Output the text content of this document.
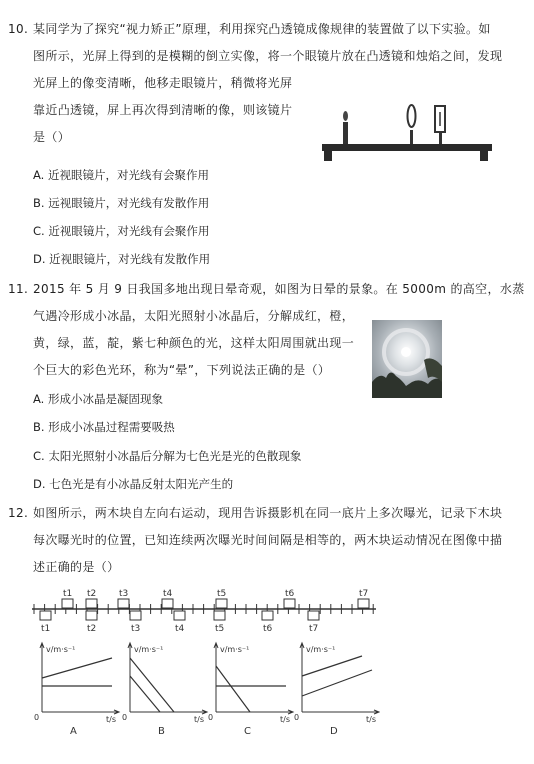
10. 某同学为了探究“视力矫正”原理，利用探究凸透镜成像规律的装置做了以下实验。如
图所示，光屏上得到的是模糊的倒立实像，将一个眼镜片放在凸透镜和烛焰之间，发现
光屏上的像变清晰，他移走眼镜片，稍微将光屏
靠近凸透镜，屏上再次得到清晰的像，则该镜片
是（）
A. 近视眼镜片，对光线有会聚作用
B. 远视眼镜片，对光线有发散作用
C. 近视眼镜片，对光线有会聚作用
D. 近视眼镜片，对光线有发散作用
11. 2015 年 5 月 9 日我国多地出现日晕奇观，如图为日晕的景象。在 5000m 的高空，水蒸
气遇冷形成小冰晶，太阳光照射小冰晶后，分解成红，橙，
黄，绿，蓝，靛，紫七种颜色的光，这样太阳周围就出现一
个巨大的彩色光环，称为“晕”，下列说法正确的是（）
A. 形成小冰晶是凝固现象
B. 形成小冰晶过程需要吸热
C. 太阳光照射小冰晶后分解为七色光是光的色散现象
D. 七色光是有小冰晶反射太阳光产生的
12. 如图所示，两木块自左向右运动，现用告诉摄影机在同一底片上多次曝光，记录下木块
每次曝光时的位置，已知连续两次曝光时间间隔是相等的，两木块运动情况在图像中描
述正确的是（）
t1 t2	t3	t4	t5	t6	t7
t1	t2	t3	t4	t5	t6	t7
v/m·s⁻¹
t/s
0
A
v/m·s⁻¹
t/s
0
B
v/m·s⁻¹
t/s
0
C
v/m·s⁻¹
t/s
0
D
